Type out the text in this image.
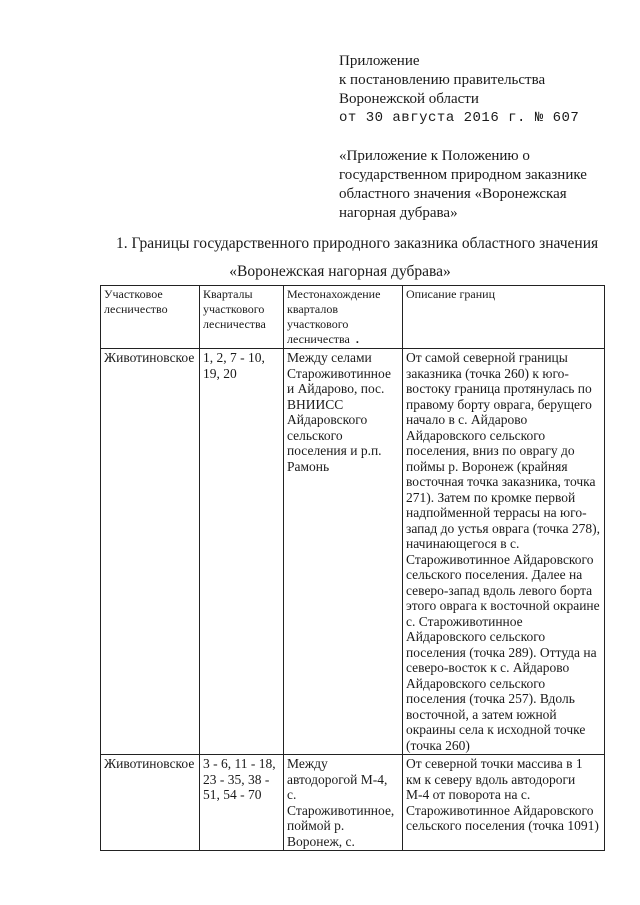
Приложение
к постановлению правительства
Воронежской области
от 30 августа 2016 г. № 607
«Приложение к Положению о
государственном природном заказнике
областного значения «Воронежская
нагорная дубрава»
1. Границы государственного природного заказника областного значения
«Воронежская нагорная дубрава»
Участковое лесничество	Кварталы участкового лесничества	Местонахождение кварталов участкового лесничества .	Описание границ
Животиновское	1, 2, 7 - 10, 19, 20	Между селами Староживотинное и Айдарово, пос. ВНИИСС Айдаровского сельского поселения и р.п. Рамонь	От самой северной границы заказника (точка 260) к юго-востоку граница протянулась по правому борту оврага, берущего начало в с. Айдарово Айдаровского сельского поселения, вниз по оврагу до поймы р. Воронеж (крайняя восточная точка заказника, точка 271). Затем по кромке первой надпойменной террасы на юго-запад до устья оврага (точка 278), начинающегося в с. Староживотинное Айдаровского сельского поселения. Далее на северо-запад вдоль левого борта этого оврага к восточной окраине с. Староживотинное Айдаровского сельского поселения (точка 289). Оттуда на северо-восток к с. Айдарово Айдаровского сельского поселения (точка 257). Вдоль восточной, а затем южной окраины села к исходной точке (точка 260)
Животиновское	3 - 6, 11 - 18, 23 - 35, 38 - 51, 54 - 70	Между автодорогой М-4, с. Староживотинное, поймой р. Воронеж, с.	От северной точки массива в 1 км к северу вдоль автодороги М-4 от поворота на с. Староживотинное Айдаровского сельского поселения (точка 1091)
